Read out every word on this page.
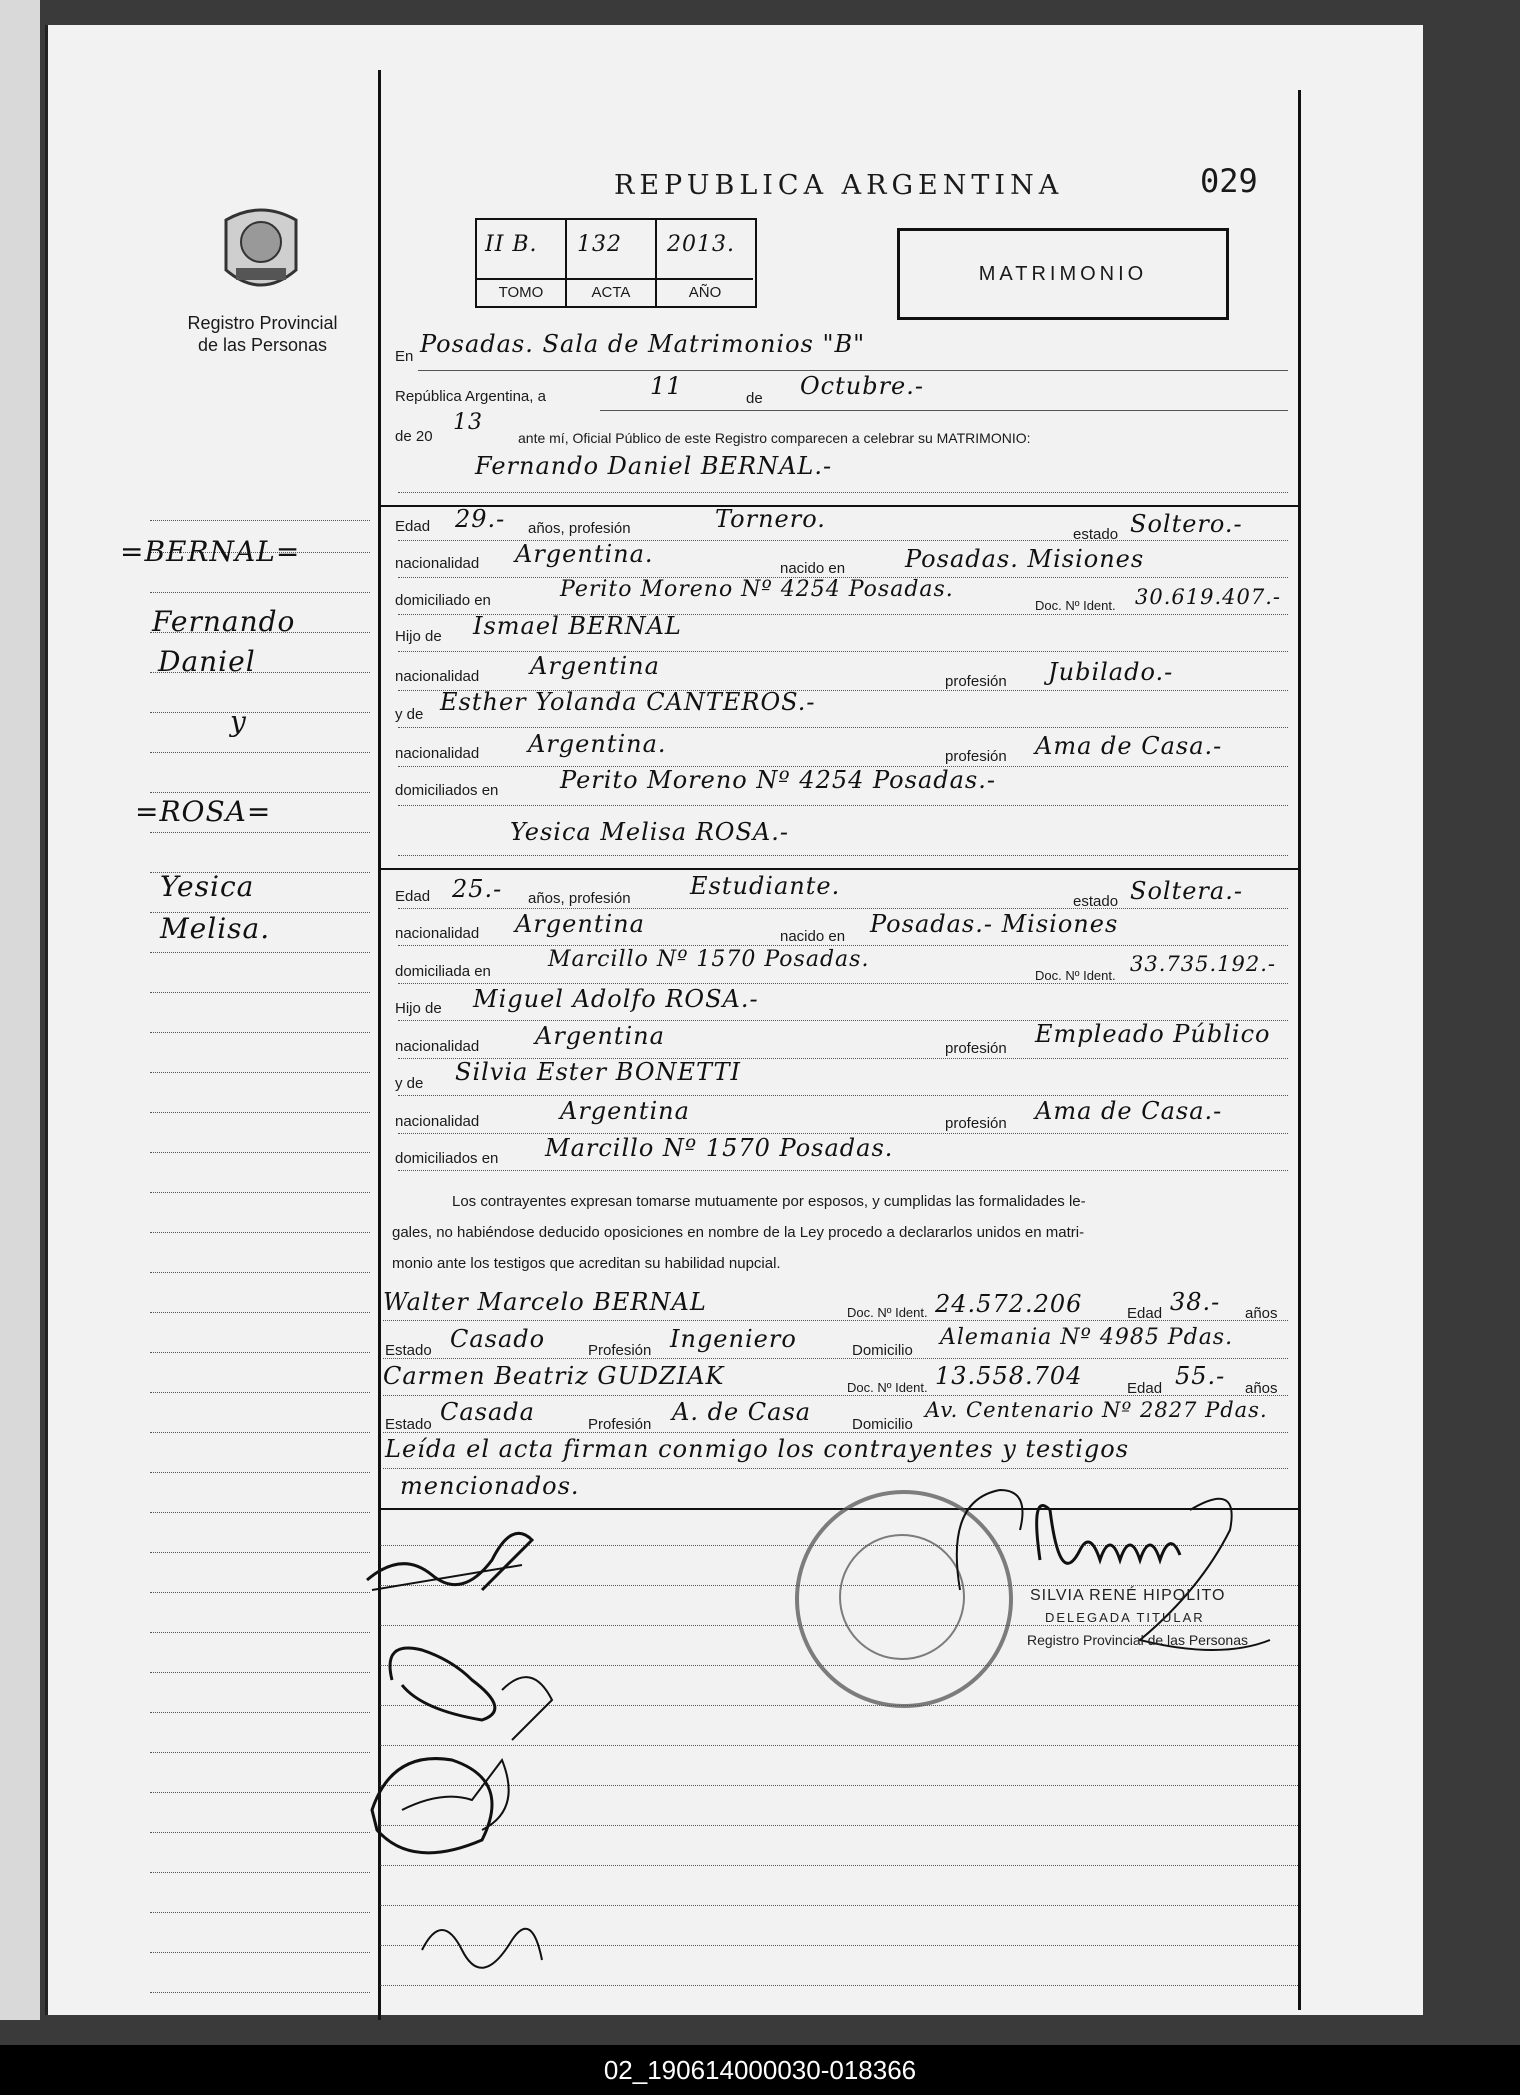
Registro Provincial
de las Personas
REPUBLICA ARGENTINA	029
II B. 132 2013.
TOMO	ACTA	AÑO
MATRIMONIO
=BERNAL=
Fernando
Daniel
y
=ROSA=
Yesica
Melisa.
En Posadas. Sala de Matrimonios "B"
República Argentina, a	11	de Octubre.-
de 20
13
ante mí, Oficial Público de este Registro comparecen a celebrar su MATRIMONIO:
Fernando Daniel BERNAL.-
Edad 29.- años, profesión	Tornero.
estado Soltero.-
nacionalidad Argentina.
nacido en Posadas. Misiones
domiciliado en	Perito Moreno Nº 4254 Posadas.
Doc. Nº Ident. 30.619.407.-
Hijo de Ismael BERNAL
nacionalidad Argentina
profesión Jubilado.-
y de Esther Yolanda CANTEROS.-
nacionalidad Argentina.	profesión Ama de Casa.-
domiciliados en	Perito Moreno Nº 4254 Posadas.-
Yesica Melisa ROSA.-
Edad 25.- años, profesión Estudiante.
estado Soltera.-
nacionalidad Argentina	nacido en Posadas.- Misiones
domiciliada en	Marcillo Nº 1570 Posadas.
Doc. Nº Ident. 33.735.192.-
Hijo de Miguel Adolfo ROSA.-
nacionalidad Argentina	profesión
Empleado Público
y de Silvia Ester BONETTI
nacionalidad	Argentina	profesión Ama de Casa.-
domiciliados en Marcillo Nº 1570 Posadas.
Los contrayentes expresan tomarse mutuamente por esposos, y cumplidas las formalidades le-
gales, no habiéndose deducido oposiciones en nombre de la Ley procedo a declararlos unidos en matri-
monio ante los testigos que acreditan su habilidad nupcial.
Walter Marcelo BERNAL	Doc. Nº Ident. 24.572.206	Edad 38.- años
Estado Casado	Profesión Ingeniero	Domicilio
Alemania Nº 4985 Pdas.
Carmen Beatriz GUDZIAK	Doc. Nº Ident. 13.558.704	Edad 55.- años
Estado Casada	Profesión A. de Casa	Domicilio
Av. Centenario Nº 2827 Pdas.
Leída el acta firman conmigo los contrayentes y testigos
mencionados.
SILVIA RENÉ HIPOLITO
DELEGADA TITULAR
Registro Provincial de las Personas
02_190614000030-018366
